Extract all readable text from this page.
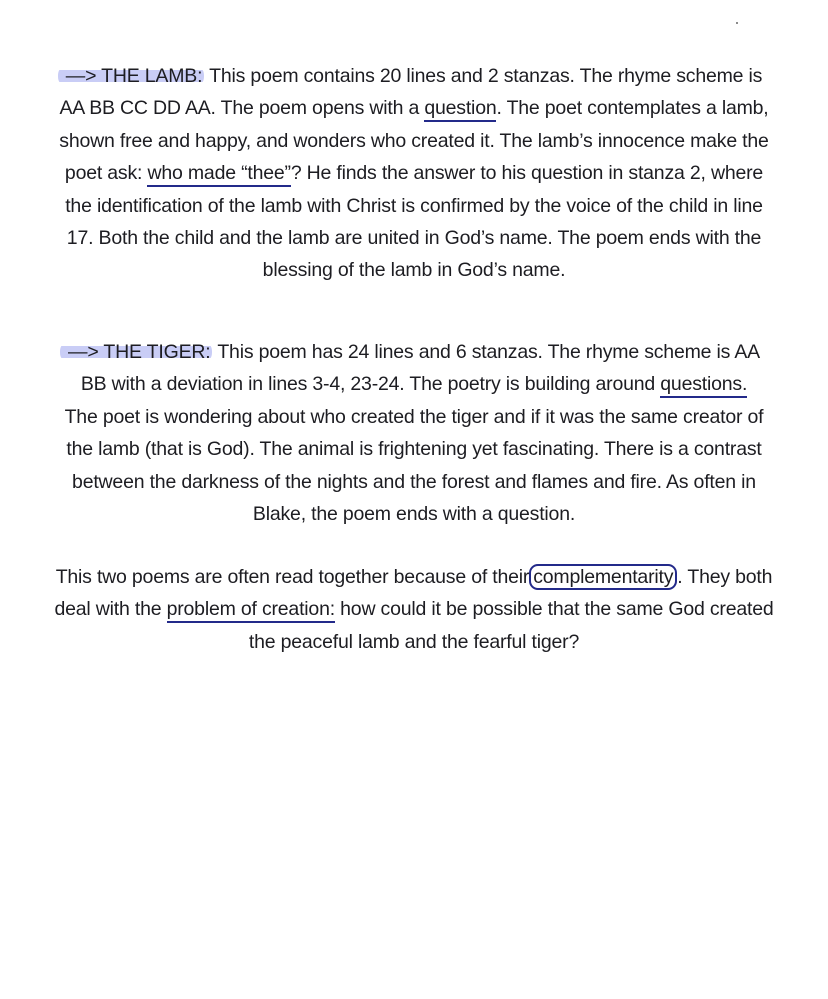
—> THE LAMB: This poem contains 20 lines and 2 stanzas. The rhyme scheme is
AA BB CC DD AA. The poem opens with a question. The poet contemplates a lamb,
shown free and happy, and wonders who created it. The lamb’s innocence make the
poet ask: who made “thee”? He finds the answer to his question in stanza 2, where
the identification of the lamb with Christ is confirmed by the voice of the child in line
17. Both the child and the lamb are united in God’s name. The poem ends with the
blessing of the lamb in God’s name.
—> THE TIGER: This poem has 24 lines and 6 stanzas. The rhyme scheme is AA
BB with a deviation in lines 3-4, 23-24. The poetry is building around questions.
The poet is wondering about who created the tiger and if it was the same creator of
the lamb (that is God). The animal is frightening yet fascinating. There is a contrast
between the darkness of the nights and the forest and flames and fire. As often in
Blake, the poem ends with a question.
This two poems are often read together because of their complementarity . They both
deal with the problem of creation: how could it be possible that the same God created
the peaceful lamb and the fearful tiger?
